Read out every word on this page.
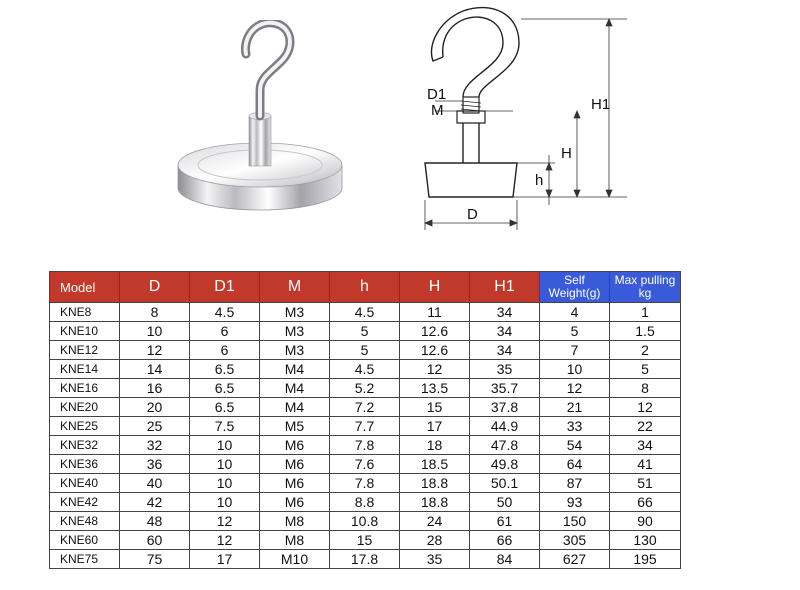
D1
M	H1
H
h
D
Model	D	D1	M	h	H	H1	Self Weight(g)	Max pulling kg
KNE8	8	4.5	M3	4.5	11	34	4	1
KNE10	10	6	M3	5	12.6	34	5	1.5
KNE12	12	6	M3	5	12.6	34	7	2
KNE14	14	6.5	M4	4.5	12	35	10	5
KNE16	16	6.5	M4	5.2	13.5	35.7	12	8
KNE20	20	6.5	M4	7.2	15	37.8	21	12
KNE25	25	7.5	M5	7.7	17	44.9	33	22
KNE32	32	10	M6	7.8	18	47.8	54	34
KNE36	36	10	M6	7.6	18.5	49.8	64	41
KNE40	40	10	M6	7.8	18.8	50.1	87	51
KNE42	42	10	M6	8.8	18.8	50	93	66
KNE48	48	12	M8	10.8	24	61	150	90
KNE60	60	12	M8	15	28	66	305	130
KNE75	75	17	M10	17.8	35	84	627	195
